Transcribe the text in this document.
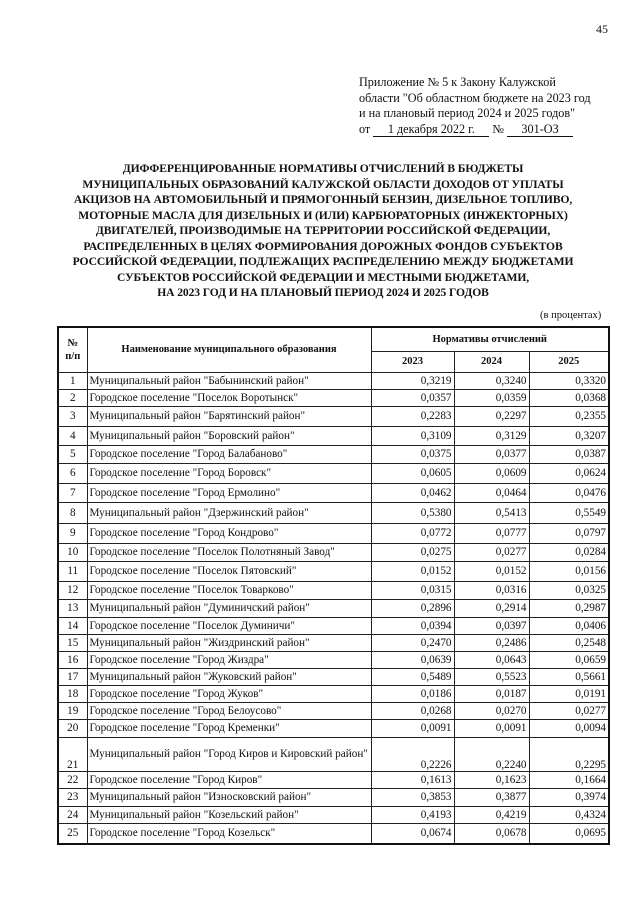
45
Приложение № 5 к Закону Калужской
области "Об областном бюджете на 2023 год
и на плановый период 2024 и 2025 годов"
от 1 декабря 2022 г. № 301-ОЗ
ДИФФЕРЕНЦИРОВАННЫЕ НОРМАТИВЫ ОТЧИСЛЕНИЙ В БЮДЖЕТЫ
МУНИЦИПАЛЬНЫХ ОБРАЗОВАНИЙ КАЛУЖСКОЙ ОБЛАСТИ ДОХОДОВ ОТ УПЛАТЫ
АКЦИЗОВ НА АВТОМОБИЛЬНЫЙ И ПРЯМОГОННЫЙ БЕНЗИН, ДИЗЕЛЬНОЕ ТОПЛИВО,
МОТОРНЫЕ МАСЛА ДЛЯ ДИЗЕЛЬНЫХ И (ИЛИ) КАРБЮРАТОРНЫХ (ИНЖЕКТОРНЫХ)
ДВИГАТЕЛЕЙ, ПРОИЗВОДИМЫЕ НА ТЕРРИТОРИИ РОССИЙСКОЙ ФЕДЕРАЦИИ,
РАСПРЕДЕЛЕННЫХ В ЦЕЛЯХ ФОРМИРОВАНИЯ ДОРОЖНЫХ ФОНДОВ СУБЪЕКТОВ
РОССИЙСКОЙ ФЕДЕРАЦИИ, ПОДЛЕЖАЩИХ РАСПРЕДЕЛЕНИЮ МЕЖДУ БЮДЖЕТАМИ
СУБЪЕКТОВ РОССИЙСКОЙ ФЕДЕРАЦИИ И МЕСТНЫМИ БЮДЖЕТАМИ,
НА 2023 ГОД И НА ПЛАНОВЫЙ ПЕРИОД 2024 И 2025 ГОДОВ
(в процентах)
№
п/п	Наименование муниципального образования	Нормативы отчислений		
		2023	2024	2025
1	Муниципальный район "Бабынинский район"	0,3219	0,3240	0,3320
2	Городское поселение "Поселок Воротынск"	0,0357	0,0359	0,0368
3	Муниципальный район "Барятинский район"	0,2283	0,2297	0,2355
4	Муниципальный район "Боровский район"	0,3109	0,3129	0,3207
5	Городское поселение "Город Балабаново"	0,0375	0,0377	0,0387
6	Городское поселение "Город Боровск"	0,0605	0,0609	0,0624
7	Городское поселение "Город Ермолино"	0,0462	0,0464	0,0476
8	Муниципальный район "Дзержинский район"	0,5380	0,5413	0,5549
9	Городское поселение "Город Кондрово"	0,0772	0,0777	0,0797
10	Городское поселение "Поселок Полотняный Завод"	0,0275	0,0277	0,0284
11	Городское поселение "Поселок Пятовский"	0,0152	0,0152	0,0156
12	Городское поселение "Поселок Товарково"	0,0315	0,0316	0,0325
13	Муниципальный район "Думиничский район"	0,2896	0,2914	0,2987
14	Городское поселение "Поселок Думиничи"	0,0394	0,0397	0,0406
15	Муниципальный район "Жиздринский район"	0,2470	0,2486	0,2548
16	Городское поселение "Город Жиздра"	0,0639	0,0643	0,0659
17	Муниципальный район "Жуковский район"	0,5489	0,5523	0,5661
18	Городское поселение "Город Жуков"	0,0186	0,0187	0,0191
19	Городское поселение "Город Белоусово"	0,0268	0,0270	0,0277
20	Городское поселение "Город Кременки"	0,0091	0,0091	0,0094
21	Муниципальный район "Город Киров и Кировский район"	0,2226	0,2240	0,2295
22	Городское поселение "Город Киров"	0,1613	0,1623	0,1664
23	Муниципальный район "Износковский район"	0,3853	0,3877	0,3974
24	Муниципальный район "Козельский район"	0,4193	0,4219	0,4324
25	Городское поселение "Город Козельск"	0,0674	0,0678	0,0695
